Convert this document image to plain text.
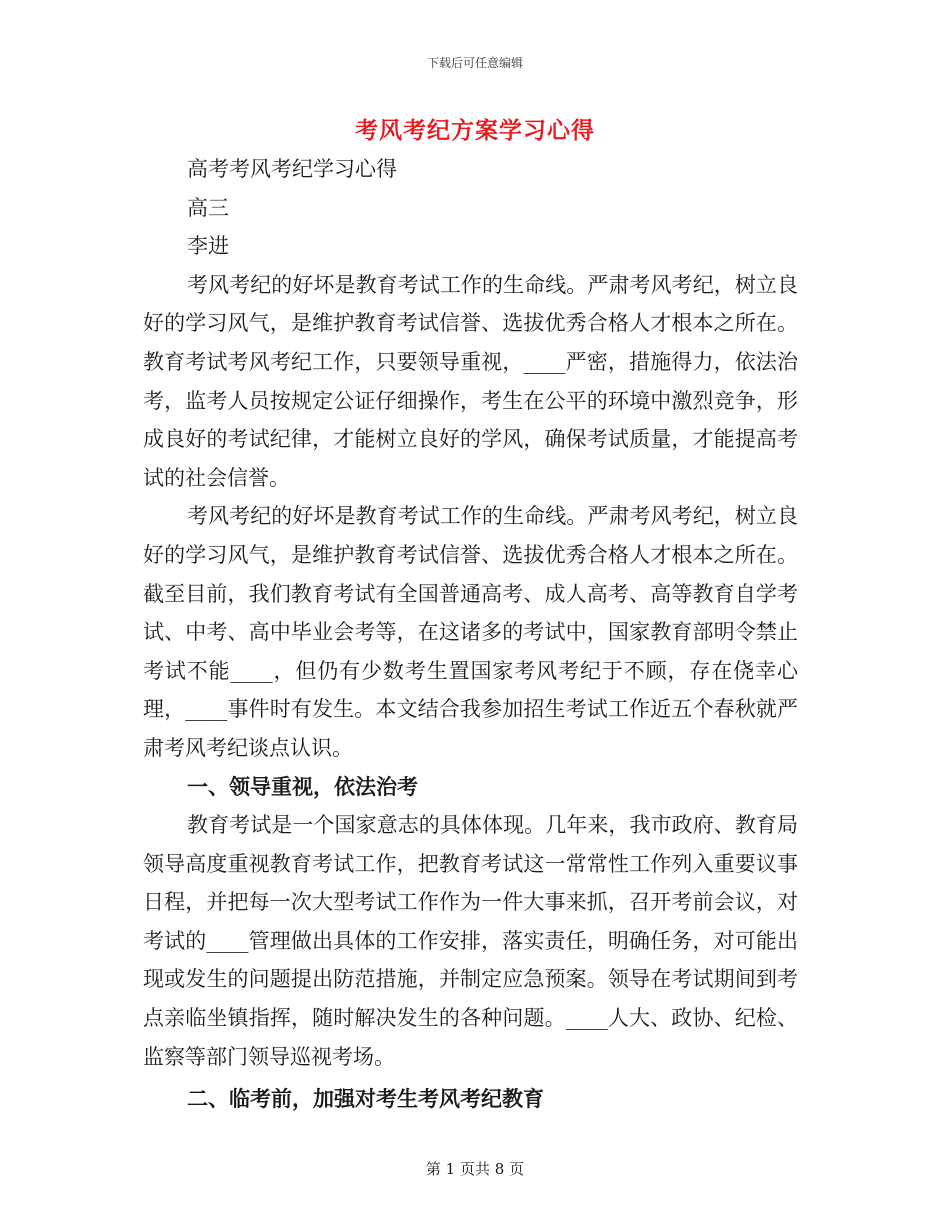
下载后可任意编辑
考风考纪方案学习心得
高考考风考纪学习心得
高三
李进

考风考纪的好坏是教育考试工作的生命线。严肃考风考纪，树立良好的学习风气，是维护教育考试信誉、选拔优秀合格人才根本之所在。教育考试考风考纪工作，只要领导重视，____严密，措施得力，依法治考，监考人员按规定公证仔细操作，考生在公平的环境中激烈竞争，形成良好的考试纪律，才能树立良好的学风，确保考试质量，才能提高考试的社会信誉。

考风考纪的好坏是教育考试工作的生命线。严肃考风考纪，树立良好的学习风气，是维护教育考试信誉、选拔优秀合格人才根本之所在。截至目前，我们教育考试有全国普通高考、成人高考、高等教育自学考试、中考、高中毕业会考等，在这诸多的考试中，国家教育部明令禁止考试不能____，但仍有少数考生置国家考风考纪于不顾，存在侥幸心理，____事件时有发生。本文结合我参加招生考试工作近五个春秋就严肃考风考纪谈点认识。

一、领导重视，依法治考

教育考试是一个国家意志的具体体现。几年来，我市政府、教育局领导高度重视教育考试工作，把教育考试这一常常性工作列入重要议事日程，并把每一次大型考试工作作为一件大事来抓，召开考前会议，对考试的____管理做出具体的工作安排，落实责任，明确任务，对可能出现或发生的问题提出防范措施，并制定应急预案。领导在考试期间到考点亲临坐镇指挥，随时解决发生的各种问题。____人大、政协、纪检、监察等部门领导巡视考场。

二、临考前，加强对考生考风考纪教育

第 1 页共 8 页
